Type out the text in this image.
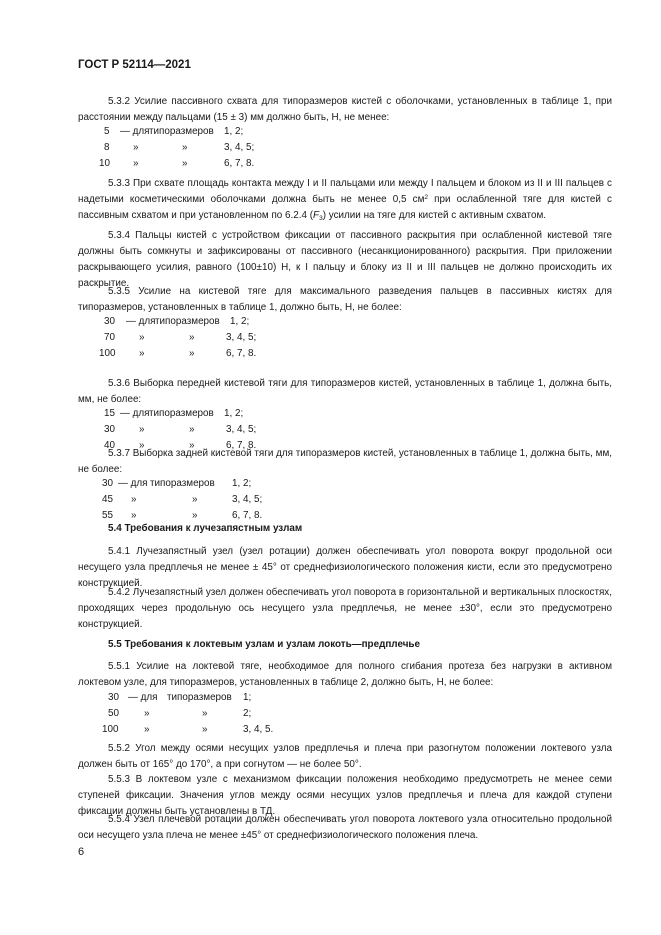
ГОСТ Р 52114—2021
5.3.2 Усилие пассивного схвата для типоразмеров кистей с оболочками, установленных в таблице 1, при расстоянии между пальцами (15 ± 3) мм должно быть, Н, не менее:
5 — для типоразмеров 1, 2;
8 »	»	3, 4, 5;
10 »	»	6, 7, 8.
5.3.3 При схвате площадь контакта между I и II пальцами или между I пальцем и блоком из II и III пальцев с надетыми косметическими оболочками должна быть не менее 0,5 $см^2$ при ослабленной тяге для кистей с пассивным схватом и при установленном по 6.2.4 $(F_3)$ усилии на тяге для кистей с активным схватом.
5.3.4 Пальцы кистей с устройством фиксации от пассивного раскрытия при ослабленной кистевой тяге должны быть сомкнуты и зафиксированы от пассивного (несанкционированного) раскрытия. При приложении раскрывающего усилия, равного (100±10) Н, к I пальцу и блоку из II и III пальцев не должно происходить их раскрытие.
5.3.5 Усилие на кистевой тяге для максимального разведения пальцев в пассивных кистях для типоразмеров, установленных в таблице 1, должно быть, Н, не более:
30 — для типоразмеров 1, 2;
70 »	»	3, 4, 5;
100 »	»	6, 7, 8.
5.3.6 Выборка передней кистевой тяги для типоразмеров кистей, установленных в таблице 1, должна быть, мм, не более:
15 — для типоразмеров 1, 2;
30 »	»	3, 4, 5;
40 »	»	6, 7, 8.
5.3.7 Выборка задней кистевой тяги для типоразмеров кистей, установленных в таблице 1, должна быть, мм, не более:
30 — для типоразмеров 1, 2;
45 »	»	3, 4, 5;
55 »	»	6, 7, 8.
5.4 Требования к лучезапястным узлам
5.4.1 Лучезапястный узел (узел ротации) должен обеспечивать угол поворота вокруг продольной оси несущего узла предплечья не менее ± 45° от среднефизиологического положения кисти, если это предусмотрено конструкцией.
5.4.2 Лучезапястный узел должен обеспечивать угол поворота в горизонтальной и вертикальных плоскостях, проходящих через продольную ось несущего узла предплечья, не менее ±30°, если это предусмотрено конструкцией.
5.5 Требования к локтевым узлам и узлам локоть—предплечье
5.5.1 Усилие на локтевой тяге, необходимое для полного сгибания протеза без нагрузки в активном локтевом узле, для типоразмеров, установленных в таблице 2, должно быть, Н, не более:
30 — для типоразмеров 1;
50	»	»	2;
100	»	»	3, 4, 5.
5.5.2 Угол между осями несущих узлов предплечья и плеча при разогнутом положении локтевого узла должен быть от 165° до 170°, а при согнутом — не более 50°.
5.5.3 В локтевом узле с механизмом фиксации положения необходимо предусмотреть не менее семи ступеней фиксации. Значения углов между осями несущих узлов предплечья и плеча для каждой ступени фиксации должны быть установлены в ТД.
5.5.4 Узел плечевой ротации должен обеспечивать угол поворота локтевого узла относительно продольной оси несущего узла плеча не менее ±45° от среднефизиологического положения плеча.
6
